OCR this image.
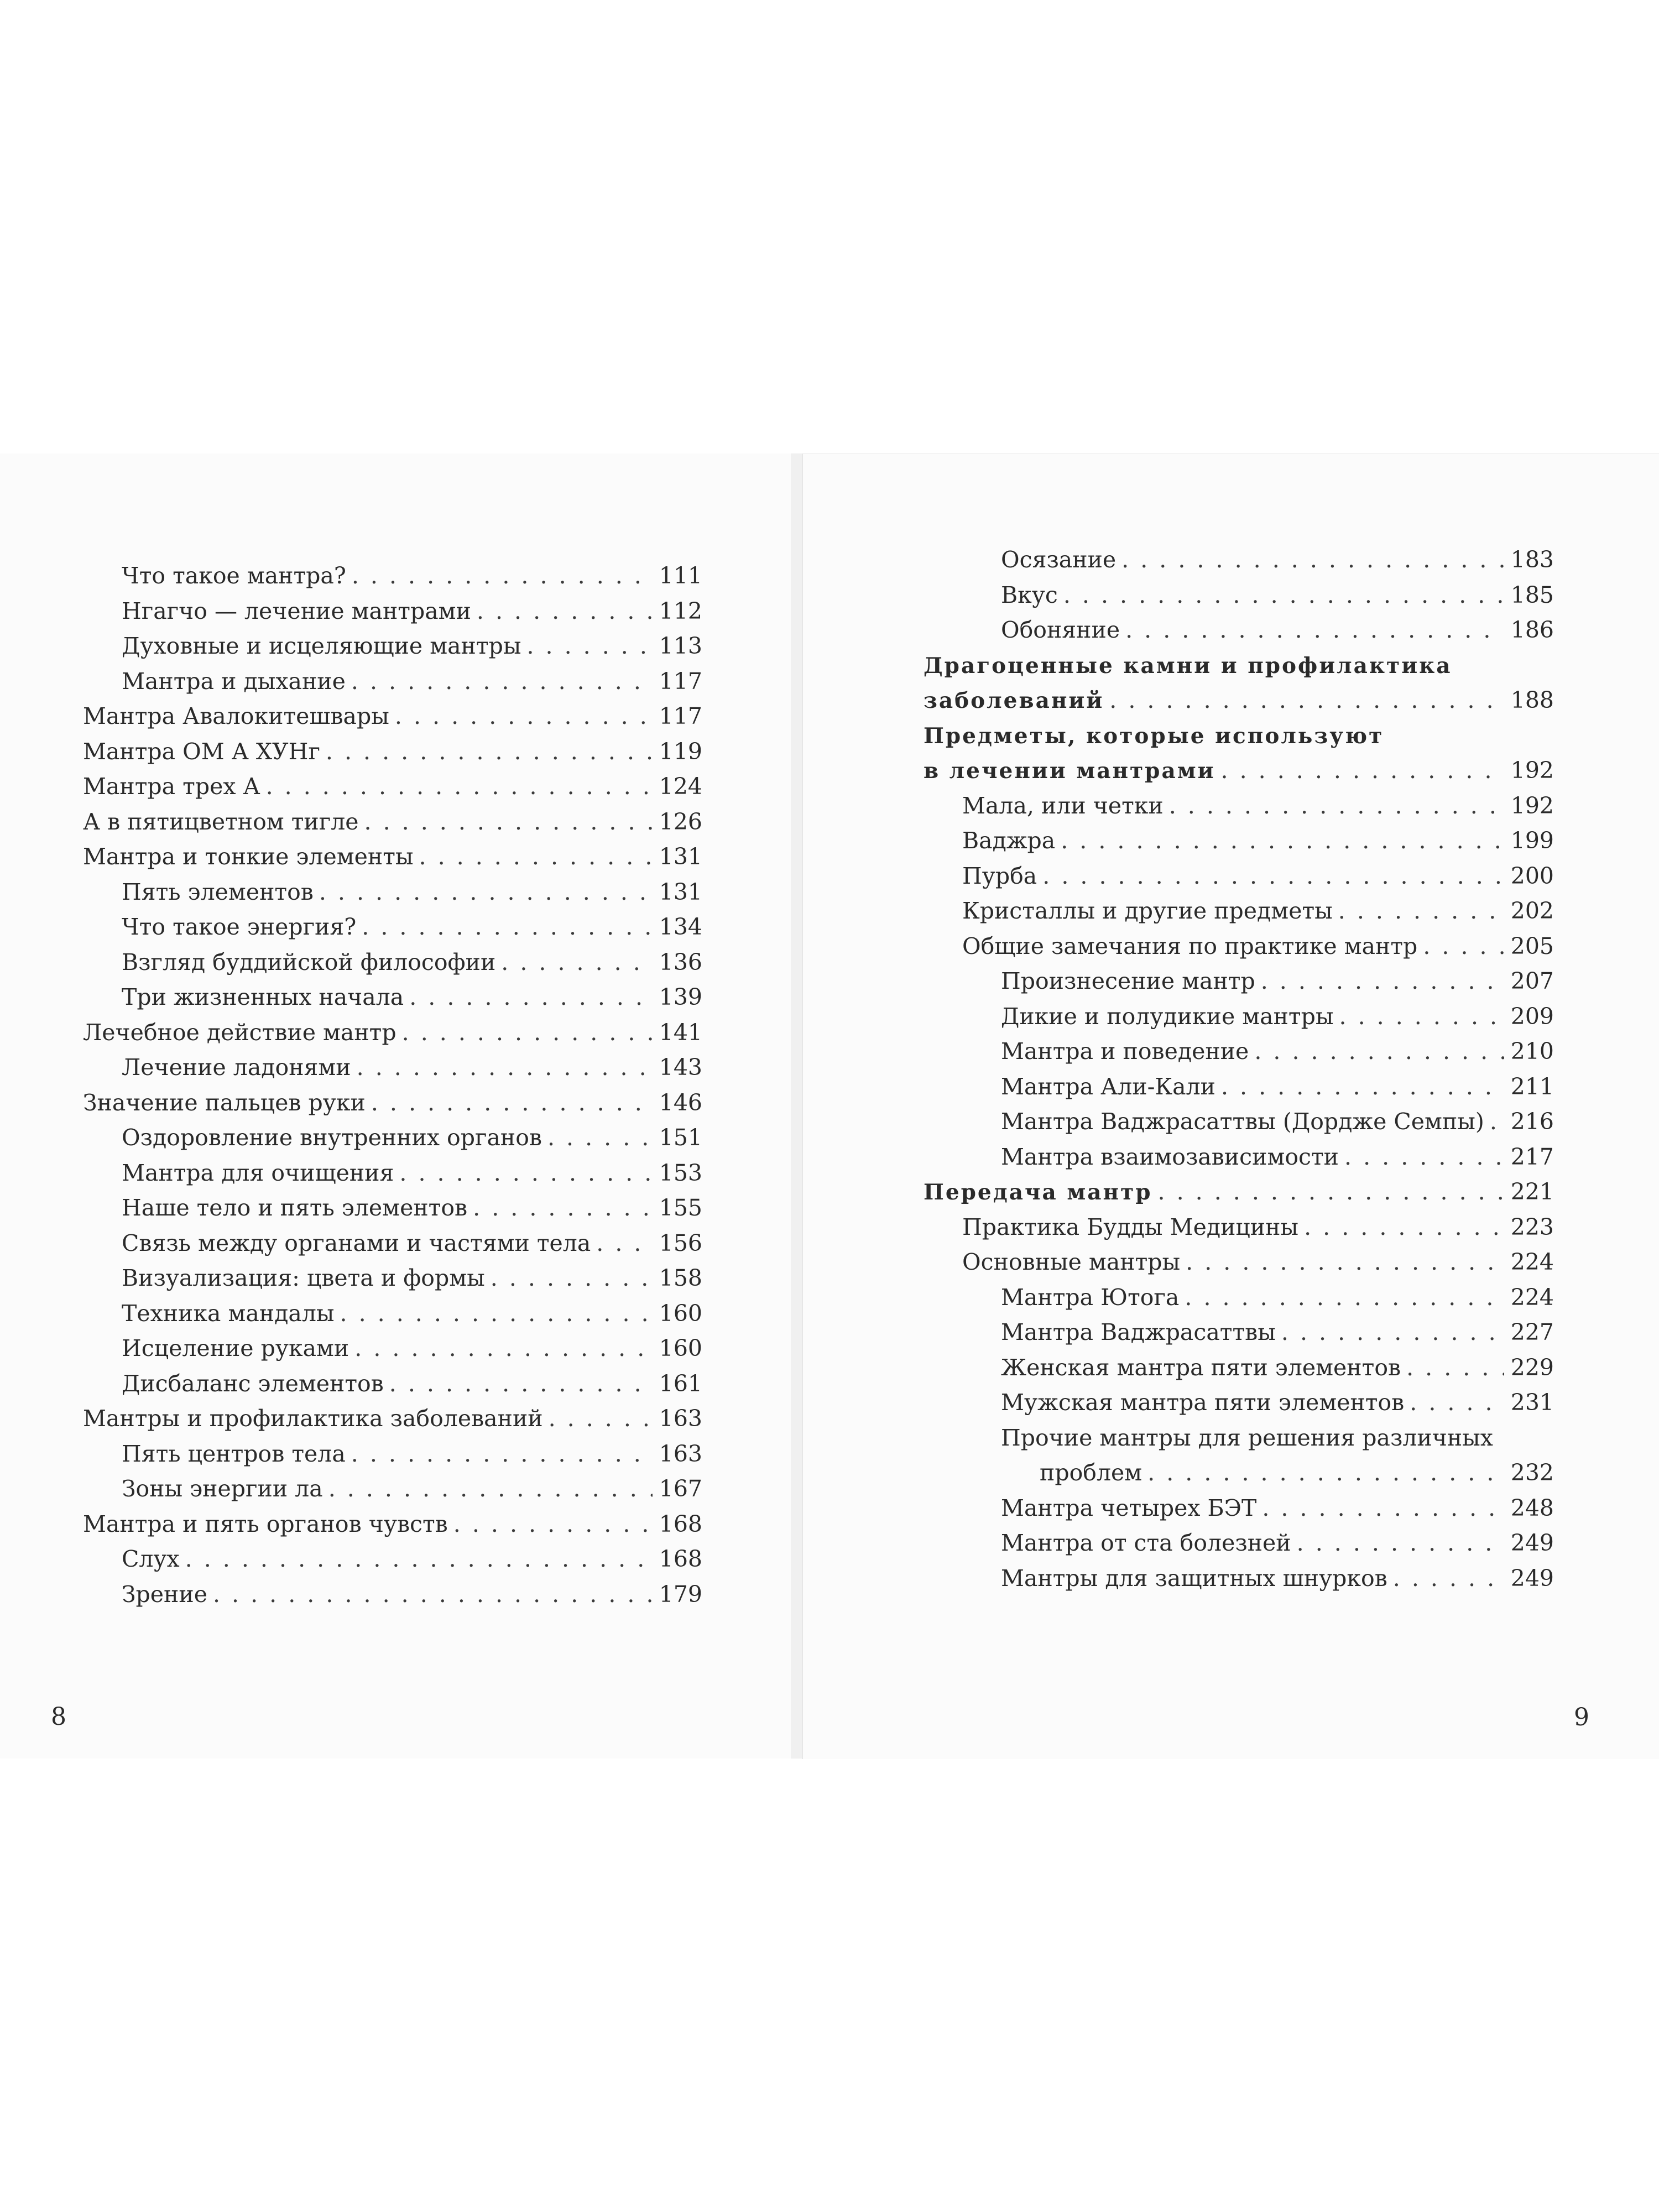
Что такое мантра? . . .	111
Нгагчо — лечение мантрами . . .	112
Духовные и исцеляющие мантры . . .	113
Мантра и дыхание . . .	117
Мантра Авалокитешвары . . .	117
Мантра ОМ А ХУНг . . .	119
Мантра трех А . . .	124
А в пятицветном тигле . . .	126
Мантра и тонкие элементы . . .	131
Пять элементов . . .	131
Что такое энергия? . . .	134
Взгляд буддийской философии . . .	136
Три жизненных начала . . .	139
Лечебное действие мантр . . .	141
Лечение ладонями . . .	143
Значение пальцев руки . . .	146
Оздоровление внутренних органов . . .	151
Мантра для очищения . . .	153
Наше тело и пять элементов . . .	155
Связь между органами и частями тела . . .	156
Визуализация: цвета и формы . . .	158
Техника мандалы . . .	160
Исцеление руками . . .	160
Дисбаланс элементов . . .	161
Мантры и профилактика заболеваний . . .	163
Пять центров тела . . .	163
Зоны энергии ла . . .	167
Мантра и пять органов чувств . . .	168
Слух . . .	168
Зрение . . .	179
8
Осязание . . .	183
Вкус . . .	185
Обоняние . . .	186
Драгоценные камни и профилактика
заболеваний . . .	188
Предметы, которые используют
в лечении мантрами . . .	192
Мала, или четки . . .	192
Ваджра . . .	199
Пурба . . .	200
Кристаллы и другие предметы . . .	202
Общие замечания по практике мантр . . .	205
Произнесение мантр . . .	207
Дикие и полудикие мантры . . .	209
Мантра и поведение . . .	210
Мантра Али-Кали . . .	211
Мантра Ваджрасаттвы (Дордже Семпы) . . . 216
Мантра взаимозависимости . . .	217
Передача мантр . . .	221
Практика Будды Медицины . . .	223
Основные мантры . . .	224
Мантра Ютога . . .	224
Мантра Ваджрасаттвы . . .	227
Женская мантра пяти элементов . . .	229
Мужская мантра пяти элементов . . .	231
Прочие мантры для решения различных
проблем . . .	232
Мантра четырех БЭТ . . .	248
Мантра от ста болезней . . .	249
Мантры для защитных шнурков . . .	249
9
